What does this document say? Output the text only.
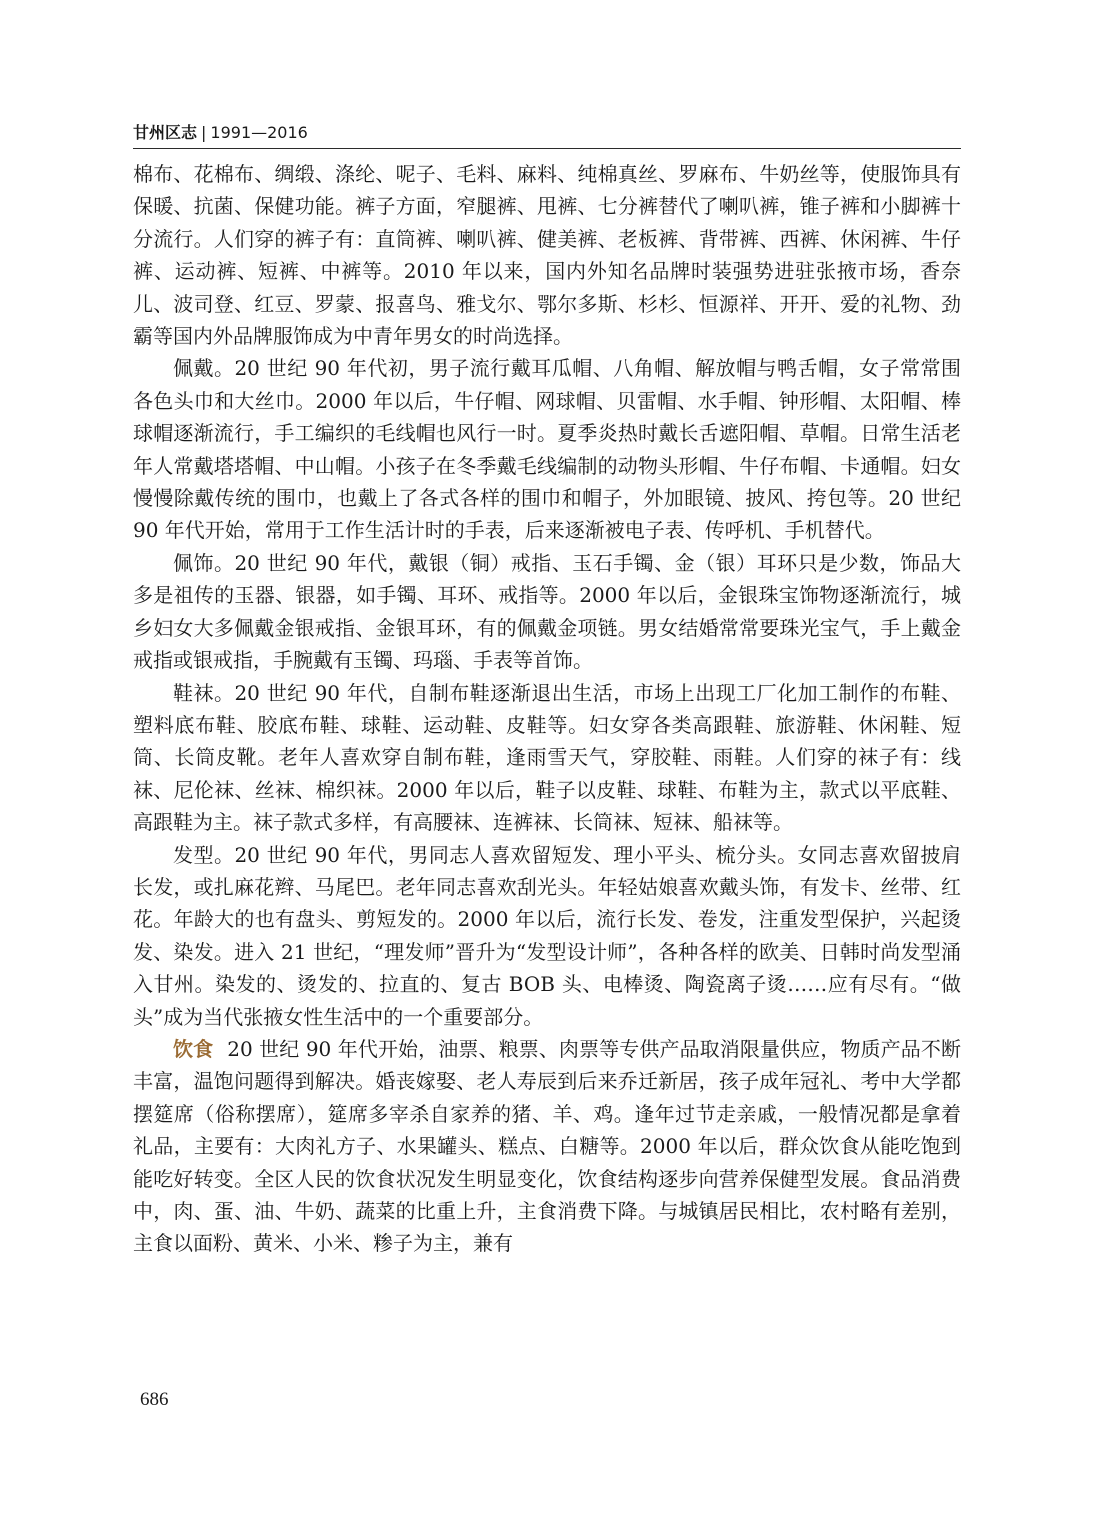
甘州区志 | 1991—2016

棉布、花棉布、绸缎、涤纶、呢子、毛料、麻料、纯棉真丝、罗麻布、牛奶丝等，使服饰具有保暖、抗菌、保健功能。裤子方面，窄腿裤、甩裤、七分裤替代了喇叭裤，锥子裤和小脚裤十分流行。人们穿的裤子有：直筒裤、喇叭裤、健美裤、老板裤、背带裤、西裤、休闲裤、牛仔裤、运动裤、短裤、中裤等。2010 年以来，国内外知名品牌时装强势进驻张掖市场，香奈儿、波司登、红豆、罗蒙、报喜鸟、雅戈尔、鄂尔多斯、杉杉、恒源祥、开开、爱的礼物、劲霸等国内外品牌服饰成为中青年男女的时尚选择。

佩戴。20 世纪 90 年代初，男子流行戴耳瓜帽、八角帽、解放帽与鸭舌帽，女子常常围各色头巾和大丝巾。2000 年以后，牛仔帽、网球帽、贝雷帽、水手帽、钟形帽、太阳帽、棒球帽逐渐流行，手工编织的毛线帽也风行一时。夏季炎热时戴长舌遮阳帽、草帽。日常生活老年人常戴塔塔帽、中山帽。小孩子在冬季戴毛线编制的动物头形帽、牛仔布帽、卡通帽。妇女慢慢除戴传统的围巾，也戴上了各式各样的围巾和帽子，外加眼镜、披风、挎包等。20 世纪 90 年代开始，常用于工作生活计时的手表，后来逐渐被电子表、传呼机、手机替代。

佩饰。20 世纪 90 年代，戴银（铜）戒指、玉石手镯、金（银）耳环只是少数，饰品大多是祖传的玉器、银器，如手镯、耳环、戒指等。2000 年以后，金银珠宝饰物逐渐流行，城乡妇女大多佩戴金银戒指、金银耳环，有的佩戴金项链。男女结婚常常要珠光宝气，手上戴金戒指或银戒指，手腕戴有玉镯、玛瑙、手表等首饰。

鞋袜。20 世纪 90 年代，自制布鞋逐渐退出生活，市场上出现工厂化加工制作的布鞋、塑料底布鞋、胶底布鞋、球鞋、运动鞋、皮鞋等。妇女穿各类高跟鞋、旅游鞋、休闲鞋、短筒、长筒皮靴。老年人喜欢穿自制布鞋，逢雨雪天气，穿胶鞋、雨鞋。人们穿的袜子有：线袜、尼伦袜、丝袜、棉织袜。2000 年以后，鞋子以皮鞋、球鞋、布鞋为主，款式以平底鞋、高跟鞋为主。袜子款式多样，有高腰袜、连裤袜、长筒袜、短袜、船袜等。

发型。20 世纪 90 年代，男同志人喜欢留短发、理小平头、梳分头。女同志喜欢留披肩长发，或扎麻花辫、马尾巴。老年同志喜欢刮光头。年轻姑娘喜欢戴头饰，有发卡、丝带、红花。年龄大的也有盘头、剪短发的。2000 年以后，流行长发、卷发，注重发型保护，兴起烫发、染发。进入 21 世纪，“理发师”晋升为“发型设计师”，各种各样的欧美、日韩时尚发型涌入甘州。染发的、烫发的、拉直的、复古 BOB 头、电棒烫、陶瓷离子烫……应有尽有。“做头”成为当代张掖女性生活中的一个重要部分。

饮食 20 世纪 90 年代开始，油票、粮票、肉票等专供产品取消限量供应，物质产品不断丰富，温饱问题得到解决。婚丧嫁娶、老人寿辰到后来乔迁新居，孩子成年冠礼、考中大学都摆筵席（俗称摆席），筵席多宰杀自家养的猪、羊、鸡。逢年过节走亲戚，一般情况都是拿着礼品，主要有：大肉礼方子、水果罐头、糕点、白糖等。2000 年以后，群众饮食从能吃饱到能吃好转变。全区人民的饮食状况发生明显变化，饮食结构逐步向营养保健型发展。食品消费中，肉、蛋、油、牛奶、蔬菜的比重上升，主食消费下降。与城镇居民相比，农村略有差别，主食以面粉、黄米、小米、糁子为主，兼有

686
